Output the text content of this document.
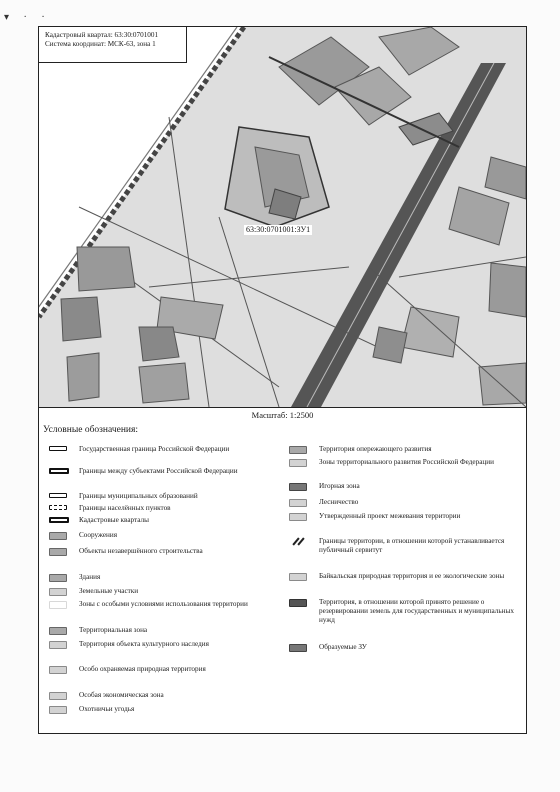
▾ · ·
Кадастровый квартал: 63:30:0701001
Система координат: МСК-63, зона 1
63:30:0701001:ЗУ1
Масштаб: 1:2500
Условные обозначения:
Государственная граница Российской Федерации
Границы между субъектами Российской Федерации
Границы муниципальных образований
Границы населённых пунктов
Кадастровые кварталы
Сооружения
Объекты незавершённого строительства
Здания
Земельные участки
Зоны с особыми условиями использования территории
Территориальная зона
Территория объекта культурного наследия
Особо охраняемая природная территория
Особая экономическая зона
Охотничьи угодья
Территория опережающего развития
Зоны территориального развития Российской Федерации
Игорная зона
Лесничество
Утвержденный проект межевания территории
Границы территории, в отношении которой устанавливается публичный сервитут
Байкальская природная территория и ее экологические зоны
Территория, в отношении которой принято решение о резервировании земель для государственных и муниципальных нужд
Образуемые ЗУ
